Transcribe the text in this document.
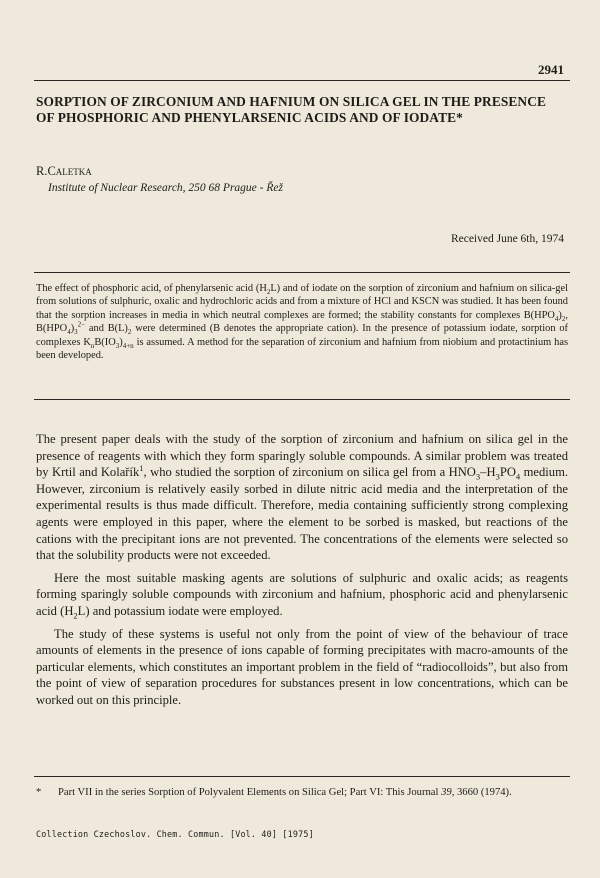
2941
SORPTION OF ZIRCONIUM AND HAFNIUM ON SILICA GEL IN THE PRESENCE OF PHOSPHORIC AND PHENYLARSENIC ACIDS AND OF IODATE*
R.Caletka
Institute of Nuclear Research, 250 68 Prague - Řež
Received June 6th, 1974

The effect of phosphoric acid, of phenylarsenic acid $(H_2L)$ and of iodate on the sorption of zirconium and hafnium on silica-gel from solutions of sulphuric, oxalic and hydrochloric acids and from a mixture of HCl and KSCN was studied. It has been found that the sorption increases in media in which neutral complexes are formed; the stability constants for complexes $B(HPO_4)_2$, $B(HPO_4)_3^{2-}$ and $B(L)_2$ were determined (B denotes the appropriate cation). In the presence of potassium iodate, sorption of complexes $K_nB(IO_3)_{4+n}$ is assumed. A method for the separation of zirconium and hafnium from niobium and protactinium has been developed.

The present paper deals with the study of the sorption of zirconium and hafnium on silica gel in the presence of reagents with which they form sparingly soluble compounds. A similar problem was treated by Krtil and Kolařík$^1$, who studied the sorption of zirconium on silica gel from a $HNO_3-H_3PO_4$ medium. However, zirconium is relatively easily sorbed in dilute nitric acid media and the interpretation of the experimental results is thus made difficult. Therefore, media containing sufficiently strong complexing agents were employed in this paper, where the element to be sorbed is masked, but reactions of the cations with the precipitant ions are not prevented. The concentrations of the elements were selected so that the solubility products were not exceeded.

Here the most suitable masking agents are solutions of sulphuric and oxalic acids; as reagents forming sparingly soluble compounds with zirconium and hafnium, phosphoric acid and phenylarsenic acid $(H_2L)$ and potassium iodate were employed.

The study of these systems is useful not only from the point of view of the behaviour of trace amounts of elements in the presence of ions capable of forming precipitates with macro-amounts of the particular elements, which constitutes an important problem in the field of “radiocolloids”, but also from the point of view of separation procedures for substances present in low concentrations, which can be worked out on this principle.

* Part VII in the series Sorption of Polyvalent Elements on Silica Gel; Part VI: This Journal 39, 3660 (1974).
Collection Czechoslov. Chem. Commun. [Vol. 40] [1975]
